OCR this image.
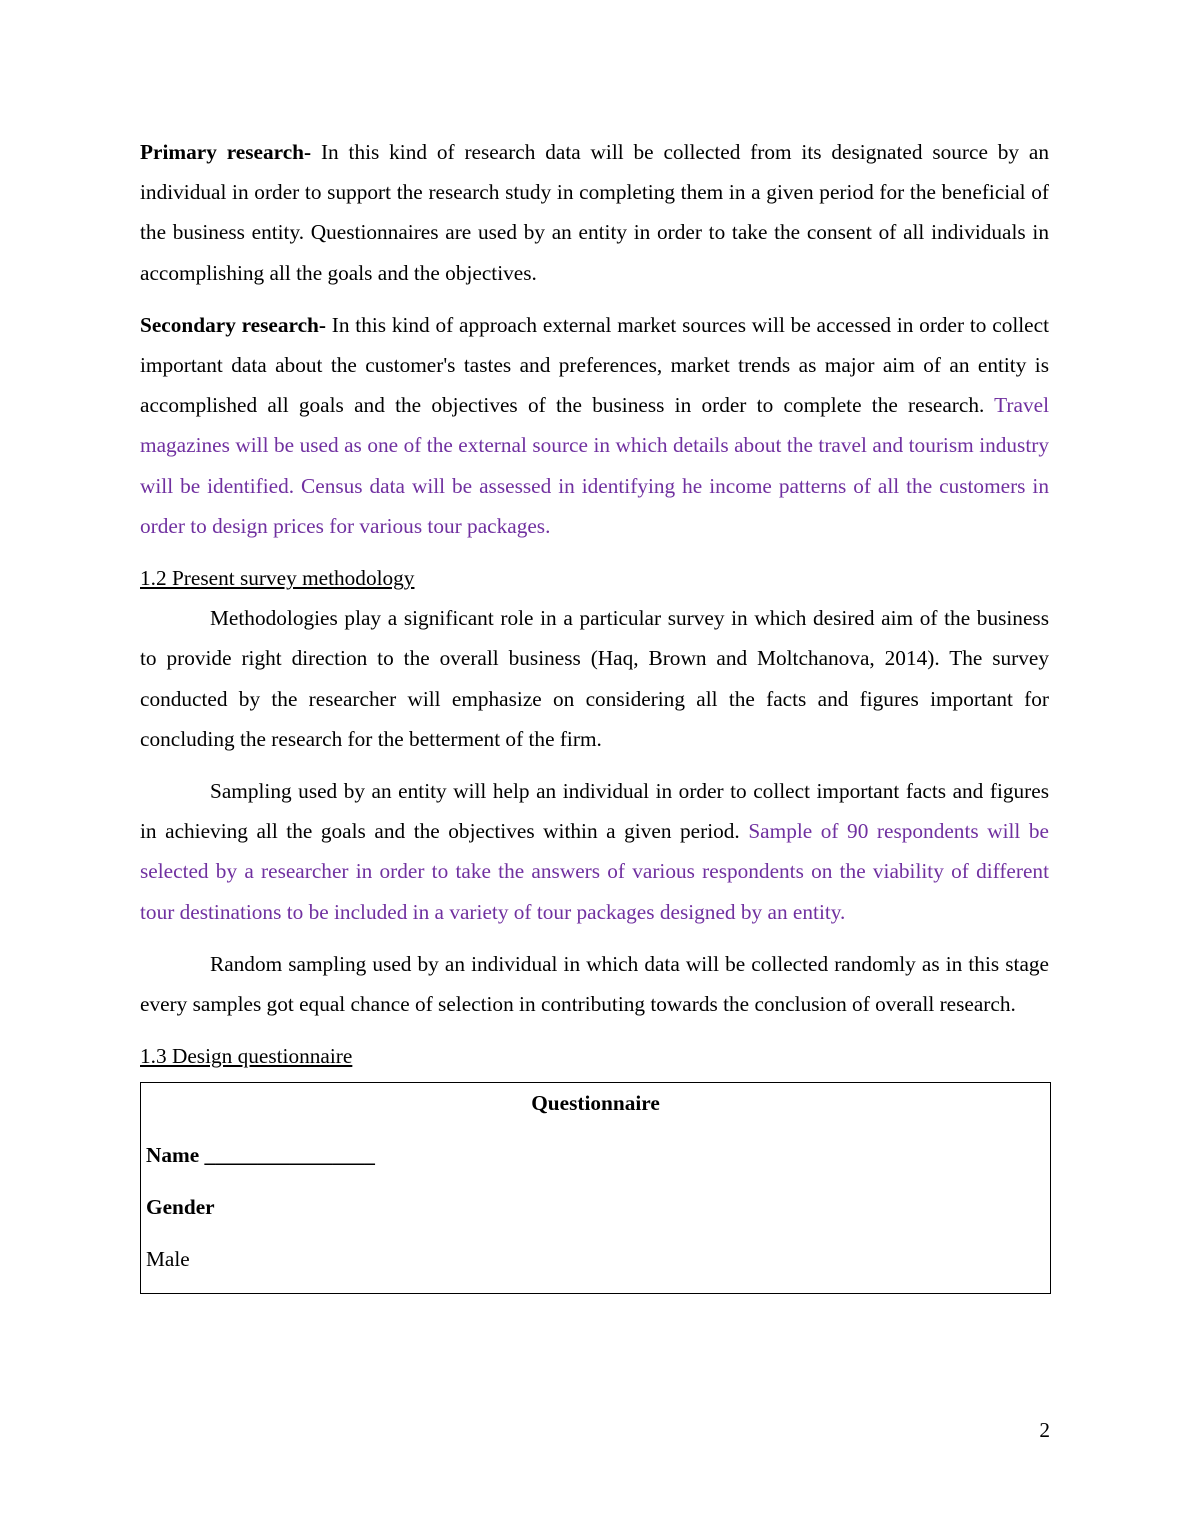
Primary research- In this kind of research data will be collected from its designated source by an individual in order to support the research study in completing them in a given period for the beneficial of the business entity. Questionnaires are used by an entity in order to take the consent of all individuals in accomplishing all the goals and the objectives.

Secondary research- In this kind of approach external market sources will be accessed in order to collect important data about the customer's tastes and preferences, market trends as major aim of an entity is accomplished all goals and the objectives of the business in order to complete the research. Travel magazines will be used as one of the external source in which details about the travel and tourism industry will be identified. Census data will be assessed in identifying he income patterns of all the customers in order to design prices for various tour packages.

1.2 Present survey methodology

Methodologies play a significant role in a particular survey in which desired aim of the business to provide right direction to the overall business (Haq, Brown and Moltchanova, 2014). The survey conducted by the researcher will emphasize on considering all the facts and figures important for concluding the research for the betterment of the firm.

Sampling used by an entity will help an individual in order to collect important facts and figures in achieving all the goals and the objectives within a given period. Sample of 90 respondents will be selected by a researcher in order to take the answers of various respondents on the viability of different tour destinations to be included in a variety of tour packages designed by an entity.

Random sampling used by an individual in which data will be collected randomly as in this stage every samples got equal chance of selection in contributing towards the conclusion of overall research.

1.3 Design questionnaire
Questionnaire
Name ________________
Gender
Male
2
